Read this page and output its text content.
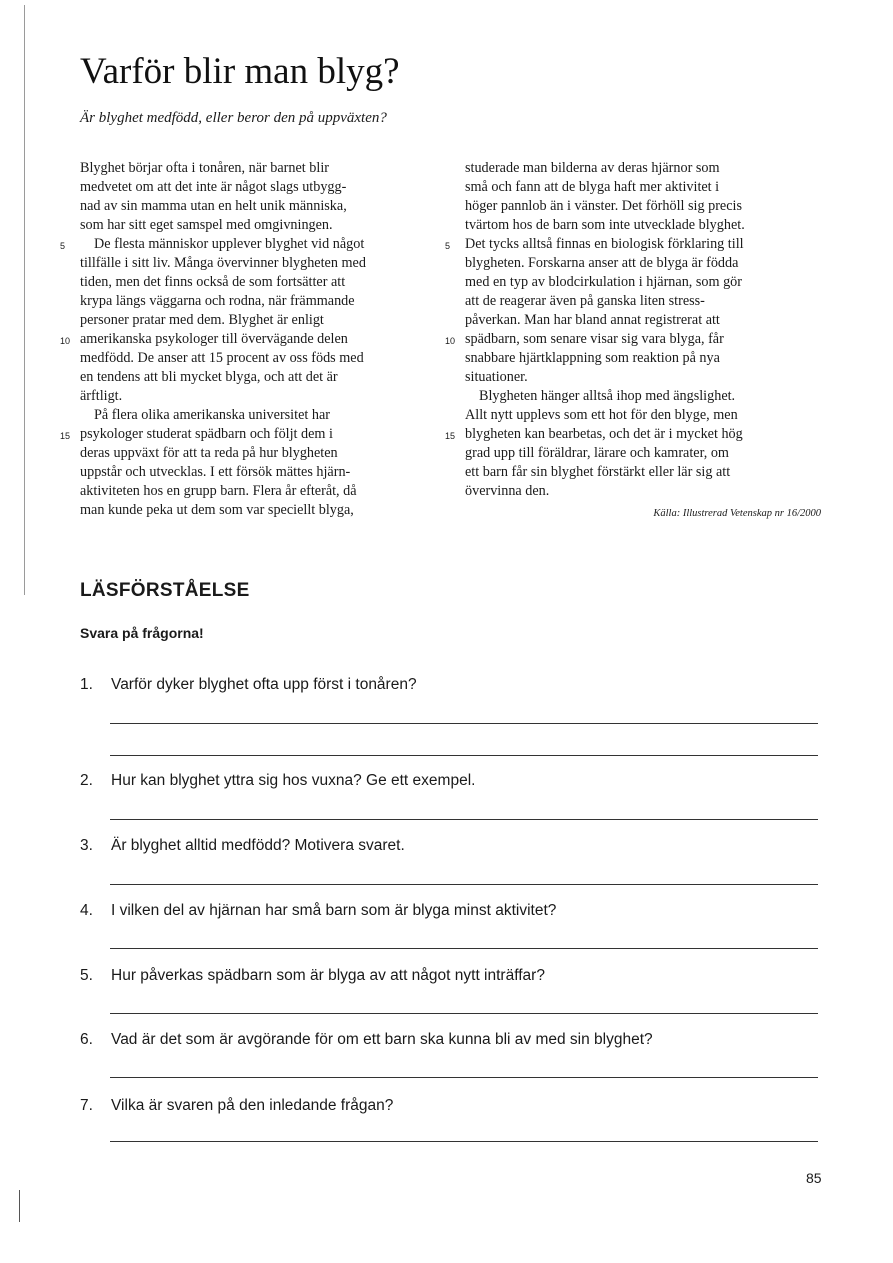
Varför blir man blyg?
Är blyghet medfödd, eller beror den på uppväxten?
Blyghet börjar ofta i tonåren, när barnet blir
medvetet om att det inte är något slags utbygg-
nad av sin mamma utan en helt unik människa,
som har sitt eget samspel med omgivningen.
5 De flesta människor upplever blyghet vid något
tillfälle i sitt liv. Många övervinner blygheten med
tiden, men det finns också de som fortsätter att
krypa längs väggarna och rodna, när främmande
personer pratar med dem. Blyghet är enligt
10 amerikanska psykologer till övervägande delen
medfödd. De anser att 15 procent av oss föds med
en tendens att bli mycket blyga, och att det är
ärftligt.
På flera olika amerikanska universitet har
15 psykologer studerat spädbarn och följt dem i
deras uppväxt för att ta reda på hur blygheten
uppstår och utvecklas. I ett försök mättes hjärn-
aktiviteten hos en grupp barn. Flera år efteråt, då
man kunde peka ut dem som var speciellt blyga,
studerade man bilderna av deras hjärnor som
små och fann att de blyga haft mer aktivitet i
höger pannlob än i vänster. Det förhöll sig precis
tvärtom hos de barn som inte utvecklade blyghet.
5 Det tycks alltså finnas en biologisk förklaring till
blygheten. Forskarna anser att de blyga är födda
med en typ av blodcirkulation i hjärnan, som gör
att de reagerar även på ganska liten stress-
påverkan. Man har bland annat registrerat att
10 spädbarn, som senare visar sig vara blyga, får
snabbare hjärtklappning som reaktion på nya
situationer.
Blygheten hänger alltså ihop med ängslighet.
Allt nytt upplevs som ett hot för den blyge, men
15 blygheten kan bearbetas, och det är i mycket hög
grad upp till föräldrar, lärare och kamrater, om
ett barn får sin blyghet förstärkt eller lär sig att
övervinna den.
Källa: Illustrerad Vetenskap nr 16/2000
LÄSFÖRSTÅELSE
Svara på frågorna!
1. Varför dyker blyghet ofta upp först i tonåren?
2. Hur kan blyghet yttra sig hos vuxna? Ge ett exempel.
3. Är blyghet alltid medfödd? Motivera svaret.
4. I vilken del av hjärnan har små barn som är blyga minst aktivitet?
5. Hur påverkas spädbarn som är blyga av att något nytt inträffar?
6. Vad är det som är avgörande för om ett barn ska kunna bli av med sin blyghet?
7. Vilka är svaren på den inledande frågan?
85
